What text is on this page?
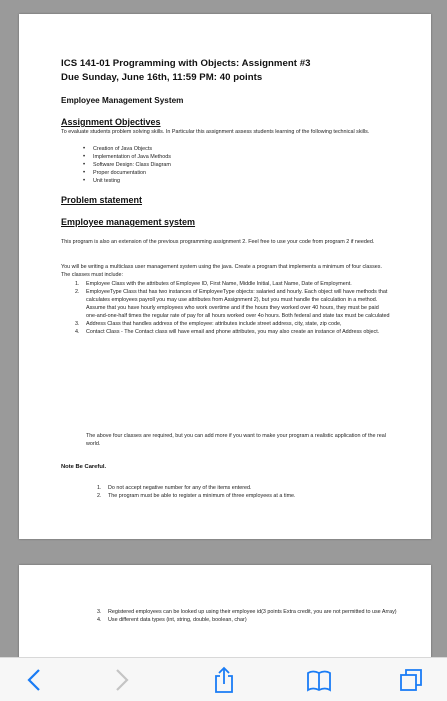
ICS 141-01 Programming with Objects: Assignment #3
Due Sunday, June 16th, 11:59 PM: 40 points
Employee Management System
Assignment Objectives
To evaluate students problem solving skills. In Particular this assignment assess students learning of the following technical skills.
• Creation of Java Objects
• Implementation of Java Methods
• Software Design: Class Diagram
• Proper documentation
• Unit testing
Problem statement
Employee management system
This program is also an extension of the previous programming assignment 2. Feel free to use your code from program 2 if needed.
You will be writing a multiclass user management system using the java. Create a program that implements a minimum of four classes. The classes must include:
1. Employee Class with the attributes of Employee ID, First Name, Middle Initial, Last Name, Date of Employment.
2. EmployeeType Class that has two instances of EmployeeType objects: salaried and hourly. Each object will have methods that calculates employees payroll you may use attributes from Assignment 2), but you must handle the calculation in a method. Assume that you have hourly employees who work overtime and if the hours they worked over 40 hours, they must be paid one-and-one-half times the regular rate of pay for all hours worked over 4o hours. Both federal and state tax must be calculated
3. Address Class that handles address of the employee: attributes include street address, city, state, zip code,
4. Contact Class - The Contact class will have email and phone attributes, you may also create an instance of Address object.
The above four classes are required, but you can add more if you want to make your program a realistic application of the real world.
Note Be Careful.
1. Do not accept negative number for any of the items entered.
2. The program must be able to register a minimum of three employees at a time.
3. Registered employees can be looked up using their employee id(3 points Extra credit, you are not permitted to use Array)
4. Use different data types (int, string, double, boolean, char)
